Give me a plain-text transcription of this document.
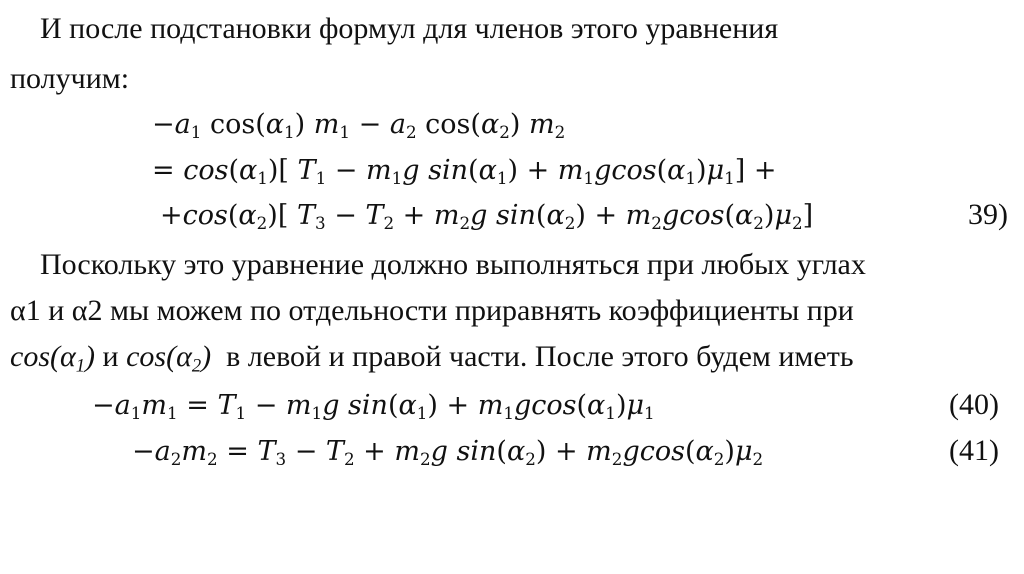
И после подстановки формул для членов этого уравнения
получим:
$-a_1$ $\cos(\alpha_1) m_1 - a_2$ $\cos(\alpha_2)$ $m_2$
= $\cos(\alpha_1)$[ $T_1 - m_1g$ $\sin(\alpha_1) + m_1gcos(\alpha_1)\mu_1$] +
$+\cos(\alpha_2)$[ $T_3 - T_2 + m_2g$ $\sin(\alpha_2) + m_2gcos(\alpha_2)\mu_2$]	39)
Поскольку это уравнение должно выполняться при любых углах
α1 и α2 мы можем по отдельности приравнять коэффициенты при
$\cos(\alpha_1)$ и $\cos(\alpha_2)$  в левой и правой части. После этого будем иметь
$-a_1m_1 = T_1 - m_1g$ $\sin(\alpha_1) + m_1gcos(\alpha_1)\mu_1$	(40)
$-a_2m_2 = T_3 - T_2 + m_2g$ $\sin(\alpha_2) + m_2gcos(\alpha_2)\mu_2$	(41)
